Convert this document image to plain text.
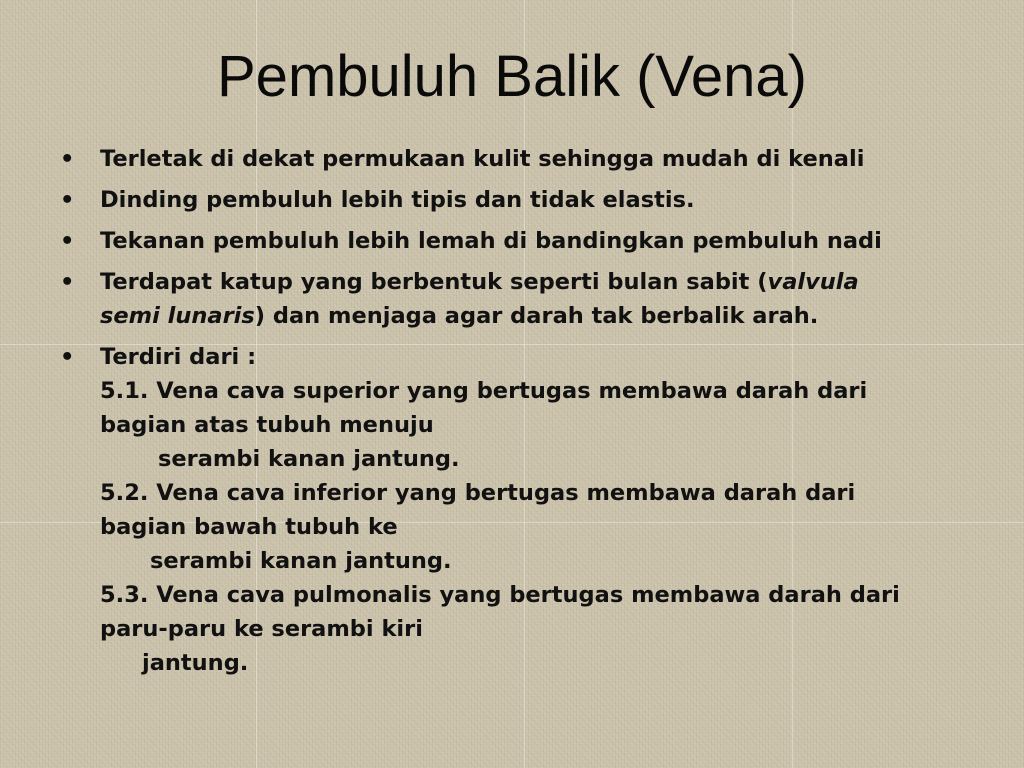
Pembuluh Balik (Vena)
• Terletak di dekat permukaan kulit sehingga mudah di kenali
• Dinding pembuluh lebih tipis dan tidak elastis.
• Tekanan pembuluh lebih lemah di bandingkan pembuluh nadi
• Terdapat katup yang berbentuk seperti bulan sabit (valvula
semi lunaris) dan menjaga agar darah tak berbalik arah.
• Terdiri dari :
5.1. Vena cava superior yang bertugas membawa darah dari
bagian atas tubuh menuju
serambi kanan jantung.
5.2. Vena cava inferior yang bertugas membawa darah dari
bagian bawah tubuh ke
serambi kanan jantung.
5.3. Vena cava pulmonalis yang bertugas membawa darah dari
paru-paru ke serambi kiri
jantung.
